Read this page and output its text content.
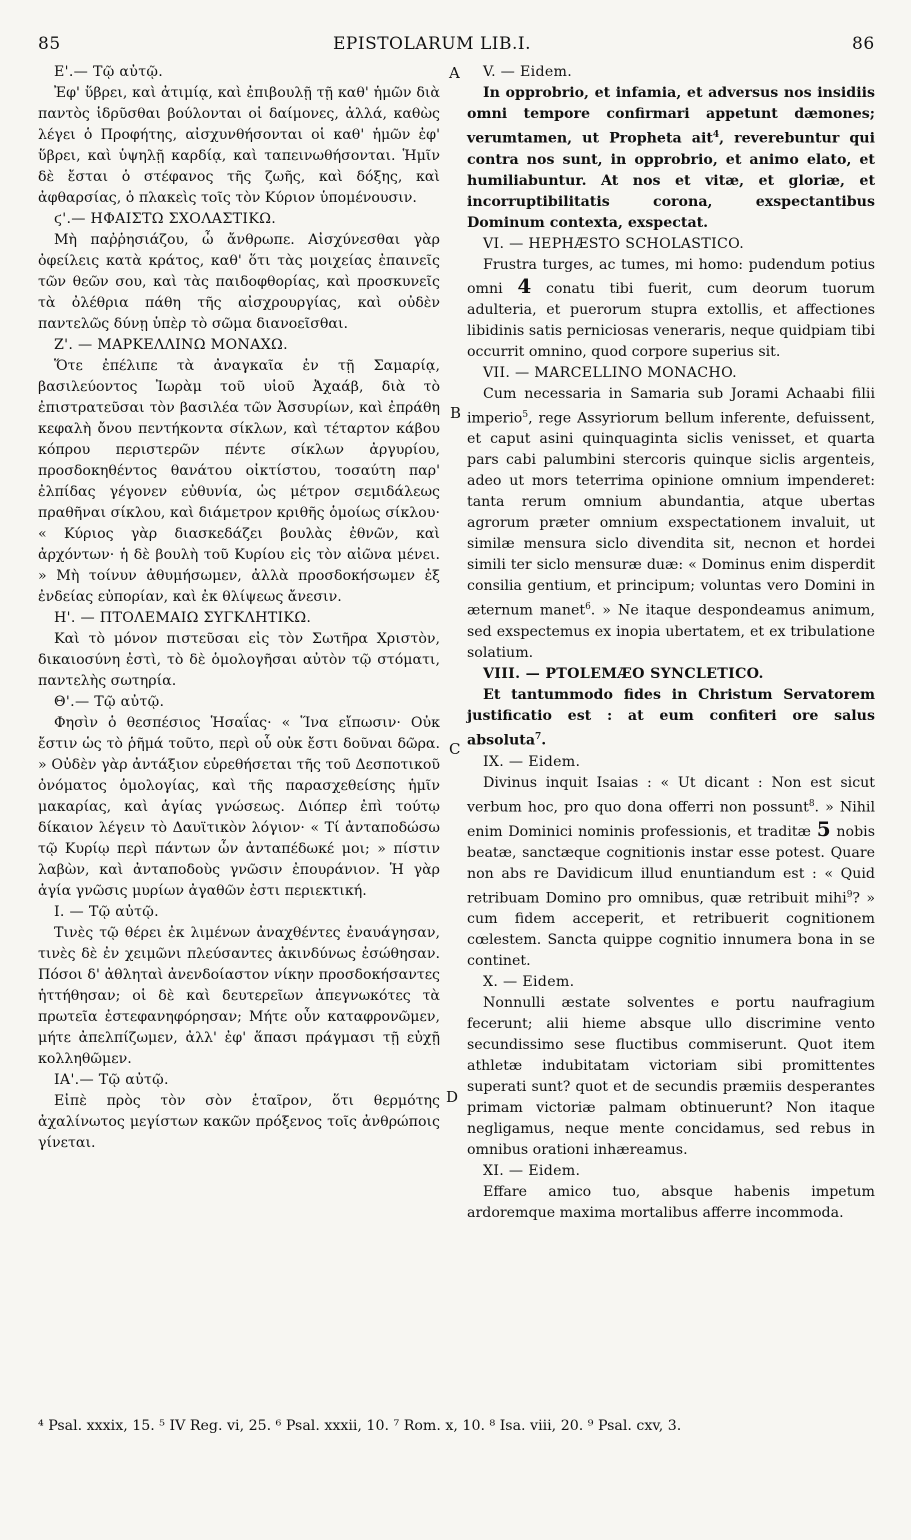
85	EPISTOLARUM LIB.I.	86
A
B
C
D

Ε'.— Τῷ αὐτῷ.

Ἐφ' ὕβρει, καὶ ἀτιμίᾳ, καὶ ἐπιβουλῇ τῇ καθ' ἡμῶν διὰ παντὸς ἱδρῦσθαι βούλονται οἱ δαίμονες, ἀλλά, καθὼς λέγει ὁ Προφήτης, αἰσχυνθήσονται οἱ καθ' ἡμῶν ἐφ' ὕβρει, καὶ ὑψηλῇ καρδίᾳ, καὶ ταπεινωθήσονται. Ἡμῖν δὲ ἔσται ὁ στέφανος τῆς ζωῆς, καὶ δόξης, καὶ ἀφθαρσίας, ὁ πλακεὶς τοῖς τὸν Κύριον ὑπομένουσιν.

ϛ'.— ΗΦΑΙΣΤΩ ΣΧΟΛΑΣΤΙΚΩ.

Μὴ παῤῥησιάζου, ὦ ἄνθρωπε. Αἰσχύνεσθαι γὰρ ὀφείλεις κατὰ κράτος, καθ' ὅτι τὰς μοιχείας ἐπαινεῖς τῶν θεῶν σου, καὶ τὰς παιδοφθορίας, καὶ προσκυνεῖς τὰ ὀλέθρια πάθη τῆς αἰσχρουργίας, καὶ οὐδὲν παντελῶς δύνῃ ὑπὲρ τὸ σῶμα διανοεῖσθαι.

Ζ'. — ΜΑΡΚΕΛΛΙΝΩ ΜΟΝΑΧΩ.

Ὅτε ἐπέλιπε τὰ ἀναγκαῖα ἐν τῇ Σαμαρίᾳ, βασιλεύοντος Ἰωρὰμ τοῦ υἱοῦ Ἀχαάβ, διὰ τὸ ἐπιστρατεῦσαι τὸν βασιλέα τῶν Ἀσσυρίων, καὶ ἐπράθη κεφαλὴ ὄνου πεντήκοντα σίκλων, καὶ τέταρτον κάβου κόπρου περιστερῶν πέντε σίκλων ἀργυρίου, προσδοκηθέντος θανάτου οἰκτίστου, τοσαύτη παρ' ἐλπίδας γέγονεν εὐθυνία, ὡς μέτρον σεμιδάλεως πραθῆναι σίκλου, καὶ διάμετρον κριθῆς ὁμοίως σίκλου· « Κύριος γὰρ διασκεδάζει βουλὰς ἐθνῶν, καὶ ἀρχόντων· ἡ δὲ βουλὴ τοῦ Κυρίου εἰς τὸν αἰῶνα μένει. » Μὴ τοίνυν ἀθυμήσωμεν, ἀλλὰ προσδοκήσωμεν ἐξ ἐνδείας εὐπορίαν, καὶ ἐκ θλίψεως ἄνεσιν.

Η'. — ΠΤΟΛΕΜΑΙΩ ΣΥΓΚΛΗΤΙΚΩ.

Καὶ τὸ μόνον πιστεῦσαι εἰς τὸν Σωτῆρα Χριστὸν, δικαιοσύνη ἐστὶ, τὸ δὲ ὁμολογῆσαι αὐτὸν τῷ στόματι, παντελὴς σωτηρία.

Θ'.— Τῷ αὐτῷ.

Φησὶν ὁ θεσπέσιος Ἡσαΐας· « Ἵνα εἴπωσιν· Οὐκ ἔστιν ὡς τὸ ῥῆμά τοῦτο, περὶ οὗ οὐκ ἔστι δοῦναι δῶρα. » Οὐδὲν γὰρ ἀντάξιον εὑρεθήσεται τῆς τοῦ Δεσποτικοῦ ὀνόματος ὁμολογίας, καὶ τῆς παρασχεθείσης ἡμῖν μακαρίας, καὶ ἁγίας γνώσεως. Διόπερ ἐπὶ τούτῳ δίκαιον λέγειν τὸ Δαυϊτικὸν λόγιον· « Τί ἀνταποδώσω τῷ Κυρίῳ περὶ πάντων ὧν ἀνταπέδωκέ μοι; » πίστιν λαβὼν, καὶ ἀνταποδοὺς γνῶσιν ἐπουράνιον. Ἡ γὰρ ἁγία γνῶσις μυρίων ἀγαθῶν ἐστι περιεκτική.

Ι. — Τῷ αὐτῷ.

Τινὲς τῷ θέρει ἐκ λιμένων ἀναχθέντες ἐναυάγησαν, τινὲς δὲ ἐν χειμῶνι πλεύσαντες ἀκινδύνως ἐσώθησαν. Πόσοι δ' ἀθληταὶ ἀνενδοίαστον νίκην προσδοκήσαντες ἡττήθησαν; οἱ δὲ καὶ δευτερεῖων ἀπεγνωκότες τὰ πρωτεῖα ἐστεφανηφόρησαν; Μήτε οὖν καταφρονῶμεν, μήτε ἀπελπίζωμεν, ἀλλ' ἐφ' ἅπασι πράγμασι τῇ εὐχῇ κολληθῶμεν.

ΙΑ'.— Τῷ αὐτῷ.

Εἰπὲ πρὸς τὸν σὸν ἑταῖρον, ὅτι θερμότης ἀχαλίνωτος μεγίστων κακῶν πρόξενος τοῖς ἀνθρώποις γίνεται.

V. — Eidem.

In opprobrio, et infamia, et adversus nos insidiis omni tempore confirmari appetunt dæmones; verumtamen, ut Propheta ait$^4$, reverebuntur qui contra nos sunt, in opprobrio, et animo elato, et humiliabuntur. At nos et vitæ, et gloriæ, et incorruptibilitatis corona, exspectantibus Dominum contexta, exspectat.

VI. — HEPHÆSTO SCHOLASTICO.

Frustra turges, ac tumes, mi homo: pudendum potius omni 4 conatu tibi fuerit, cum deorum tuorum adulteria, et puerorum stupra extollis, et affectiones libidinis satis perniciosas veneraris, neque quidpiam tibi occurrit omnino, quod corpore superius sit.

VII. — MARCELLINO MONACHO.

Cum necessaria in Samaria sub Jorami Achaabi filii imperio$^5$, rege Assyriorum bellum inferente, defuissent, et caput asini quinquaginta siclis venisset, et quarta pars cabi palumbini stercoris quinque siclis argenteis, adeo ut mors teterrima opinione omnium impenderet: tanta rerum omnium abundantia, atque ubertas agrorum præter omnium exspectationem invaluit, ut similæ mensura siclo divendita sit, necnon et hordei simili ter siclo mensuræ duæ: « Dominus enim disperdit consilia gentium, et principum; voluntas vero Domini in æternum manet$^6$. » Ne itaque despondeamus animum, sed exspectemus ex inopia ubertatem, et ex tribulatione solatium.

VIII. — PTOLEMÆO SYNCLETICO.

Et tantummodo fides in Christum Servatorem justificatio est : at eum confiteri ore salus absoluta$^7$.

IX. — Eidem.

Divinus inquit Isaias : « Ut dicant : Non est sicut verbum hoc, pro quo dona offerri non possunt$^8$. » Nihil enim Dominici nominis professionis, et traditæ 5 nobis beatæ, sanctæque cognitionis instar esse potest. Quare non abs re Davidicum illud enuntiandum est : « Quid retribuam Domino pro omnibus, quæ retribuit mihi$^9$? » cum fidem acceperit, et retribuerit cognitionem cœlestem. Sancta quippe cognitio innumera bona in se continet.

X. — Eidem.

Nonnulli æstate solventes e portu naufragium fecerunt; alii hieme absque ullo discrimine vento secundissimo sese fluctibus commiserunt. Quot item athletæ indubitatam victoriam sibi promittentes superati sunt? quot et de secundis præmiis desperantes primam victoriæ palmam obtinuerunt? Non itaque negligamus, neque mente concidamus, sed rebus in omnibus orationi inhæreamus.

XI. — Eidem.

Effare amico tuo, absque habenis impetum ardoremque maxima mortalibus afferre incommoda.

⁴ Psal. xxxix, 15. ⁵ IV Reg. vi, 25. ⁶ Psal. xxxii, 10. ⁷ Rom. x, 10. ⁸ Isa. viii, 20. ⁹ Psal. cxv, 3.
